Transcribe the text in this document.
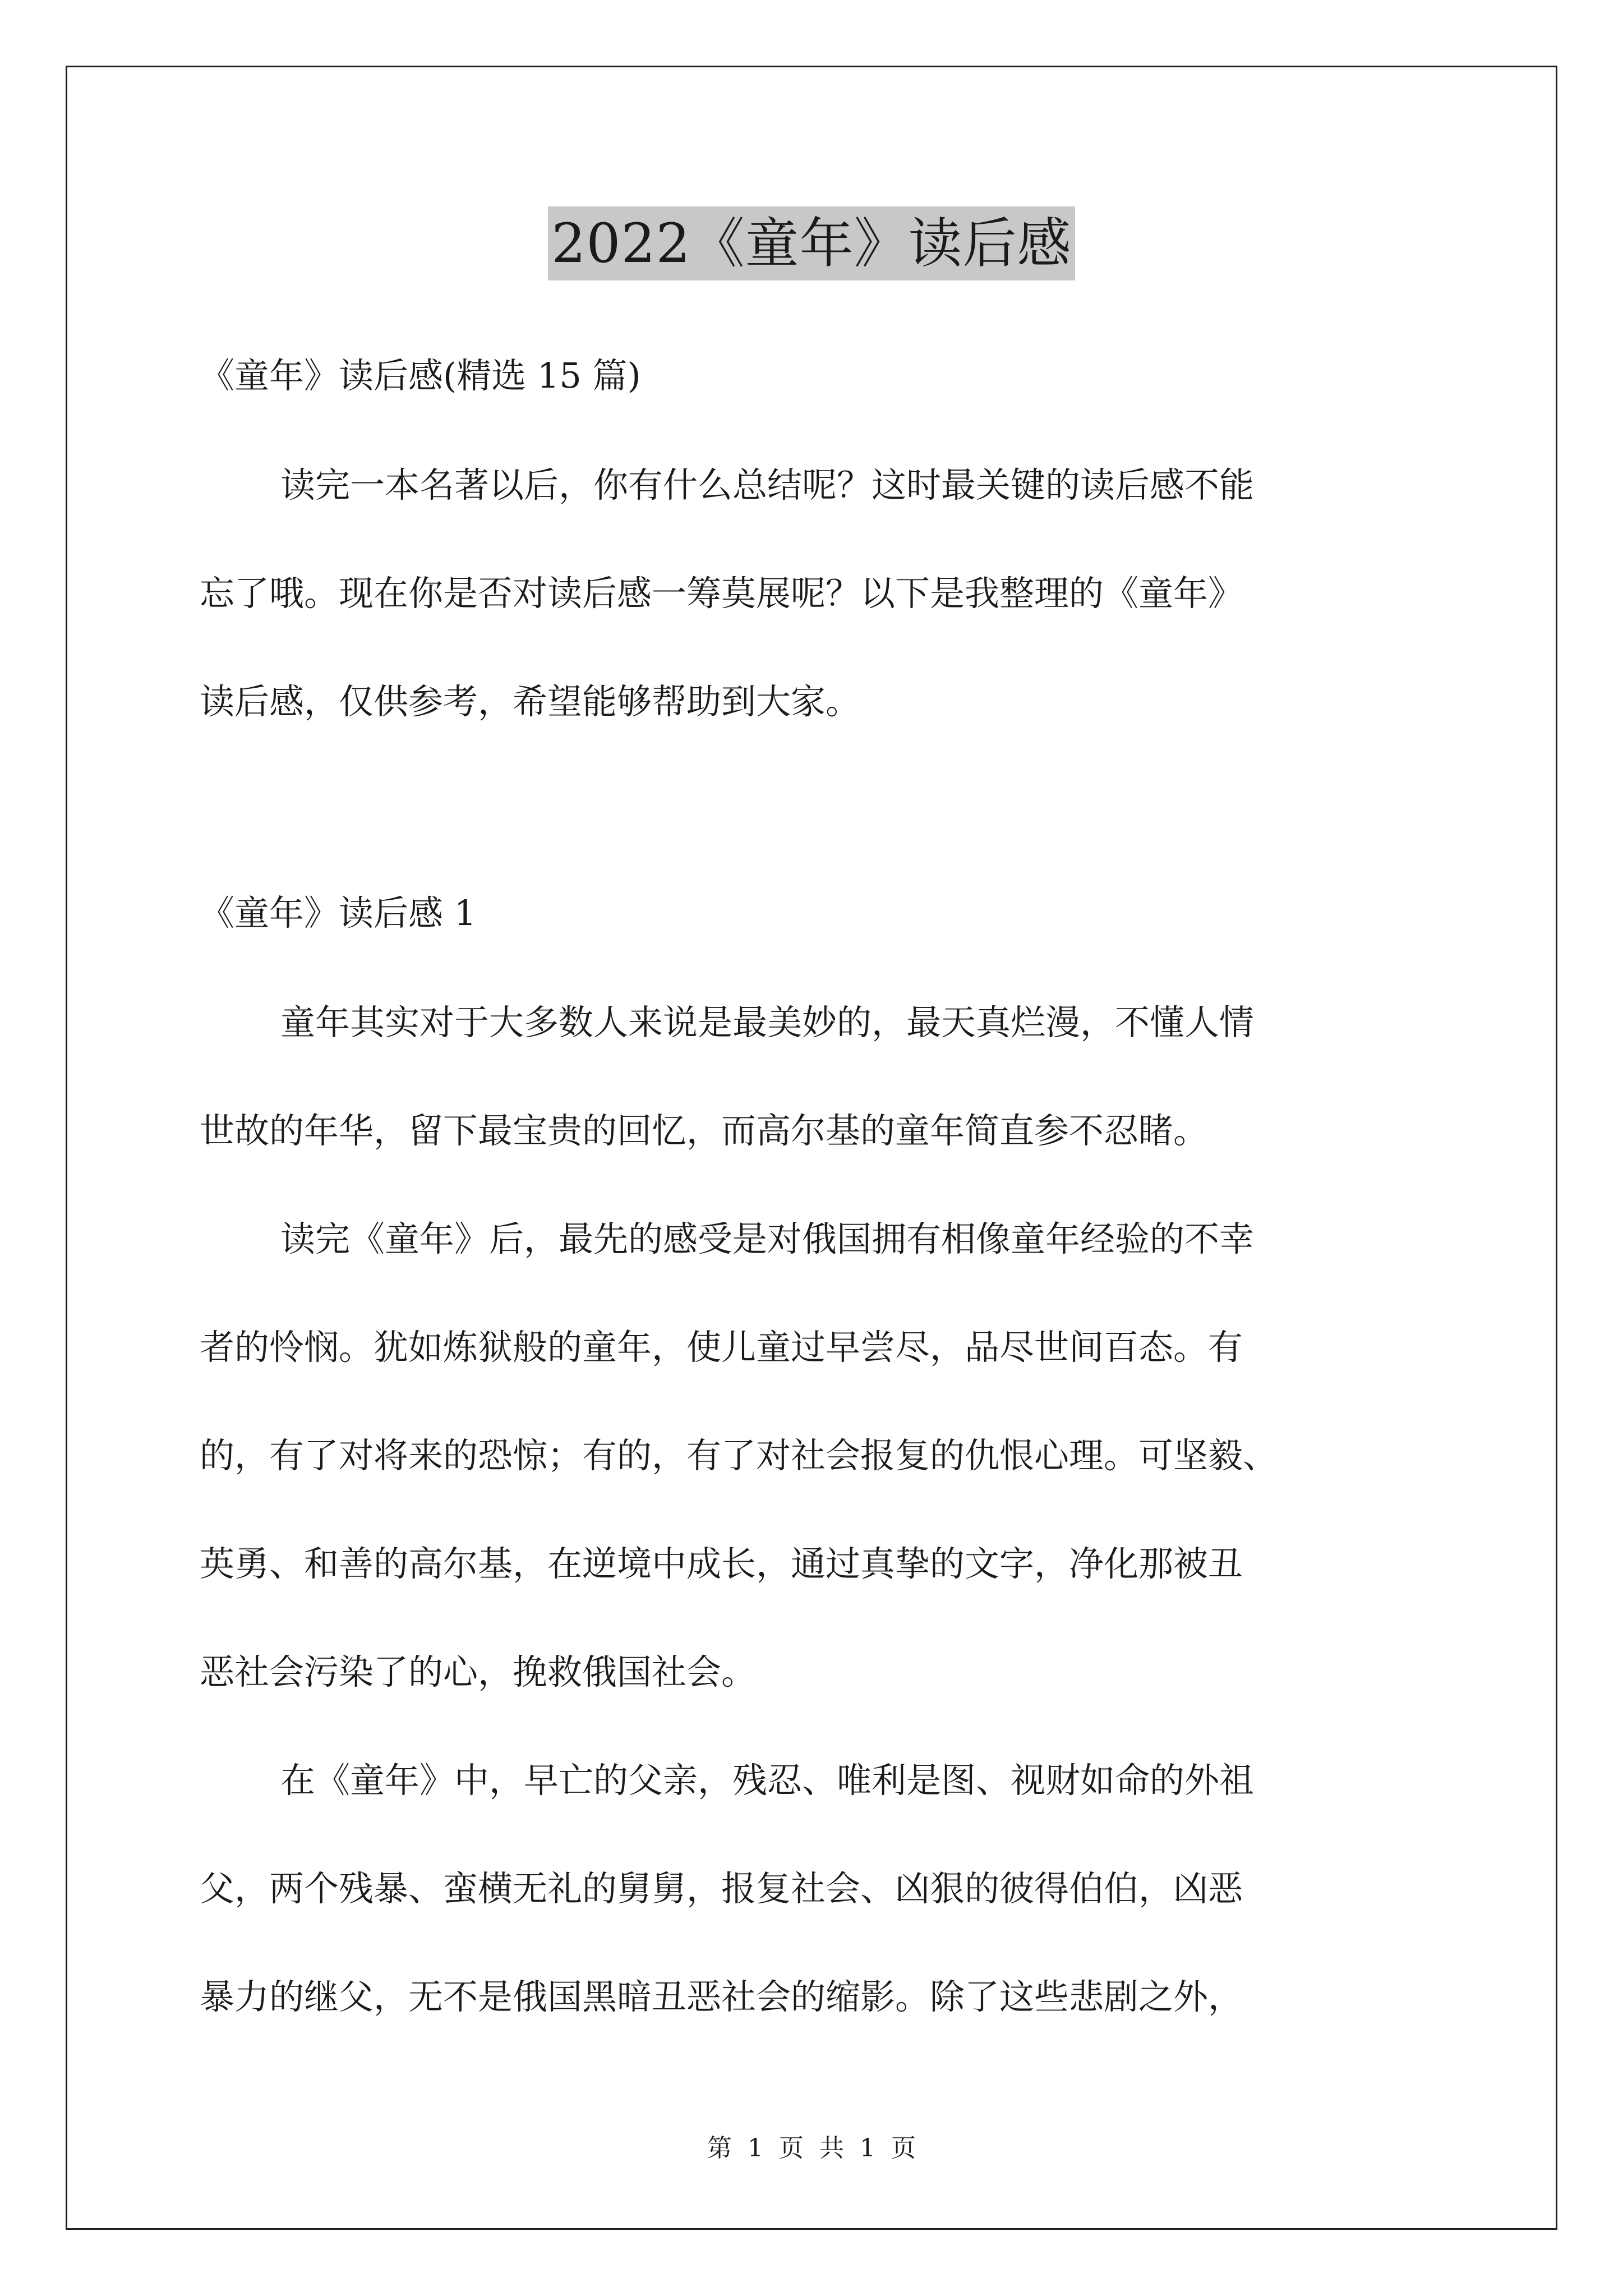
2022《童年》读后感
《童年》读后感(精选 15 篇)
读完一本名著以后，你有什么总结呢？这时最关键的读后感不能
忘了哦。现在你是否对读后感一筹莫展呢？以下是我整理的《童年》
读后感，仅供参考，希望能够帮助到大家。
《童年》读后感 1
童年其实对于大多数人来说是最美妙的，最天真烂漫，不懂人情
世故的年华，留下最宝贵的回忆，而高尔基的童年简直参不忍睹。
读完《童年》后，最先的感受是对俄国拥有相像童年经验的不幸
者的怜悯。犹如炼狱般的童年，使儿童过早尝尽，品尽世间百态。有
的，有了对将来的恐惊；有的，有了对社会报复的仇恨心理。可坚毅、
英勇、和善的高尔基，在逆境中成长，通过真挚的文字，净化那被丑
恶社会污染了的心，挽救俄国社会。
在《童年》中，早亡的父亲，残忍、唯利是图、视财如命的外祖
父，两个残暴、蛮横无礼的舅舅，报复社会、凶狠的彼得伯伯，凶恶
暴力的继父，无不是俄国黑暗丑恶社会的缩影。除了这些悲剧之外，
第 1 页 共 1 页
